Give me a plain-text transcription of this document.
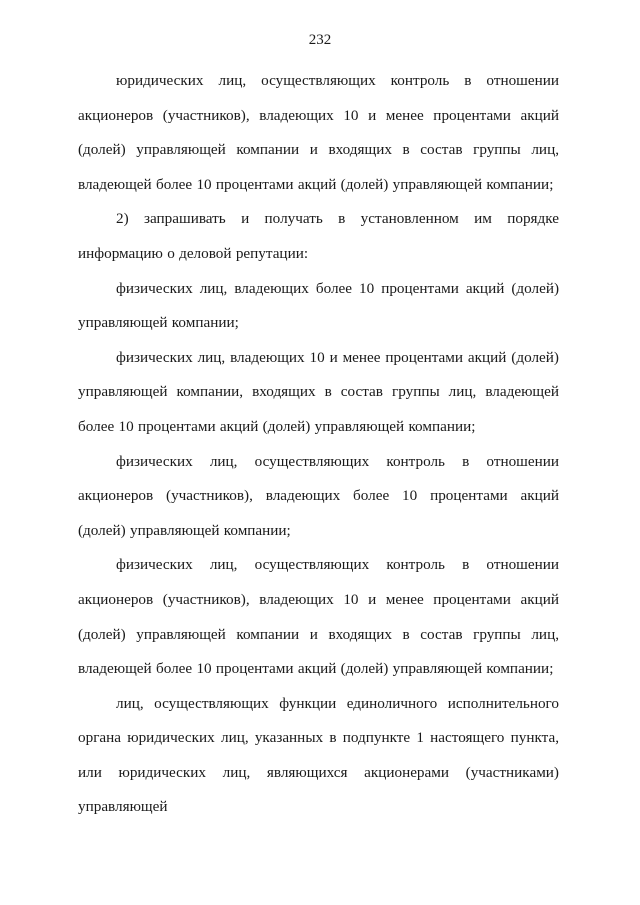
232

юридических лиц, осуществляющих контроль в отношении акционеров (участников), владеющих 10 и менее процентами акций (долей) управляющей компании и входящих в состав группы лиц, владеющей более 10 процентами акций (долей) управляющей компании;

2) запрашивать и получать в установленном им порядке информацию о деловой репутации:

физических лиц, владеющих более 10 процентами акций (долей) управляющей компании;

физических лиц, владеющих 10 и менее процентами акций (долей) управляющей компании, входящих в состав группы лиц, владеющей более 10 процентами акций (долей) управляющей компании;

физических лиц, осуществляющих контроль в отношении акционеров (участников), владеющих более 10 процентами акций (долей) управляющей компании;

физических лиц, осуществляющих контроль в отношении акционеров (участников), владеющих 10 и менее процентами акций (долей) управляющей компании и входящих в состав группы лиц, владеющей более 10 процентами акций (долей) управляющей компании;

лиц, осуществляющих функции единоличного исполнительного органа юридических лиц, указанных в подпункте 1 настоящего пункта, или юридических лиц, являющихся акционерами (участниками) управляющей
